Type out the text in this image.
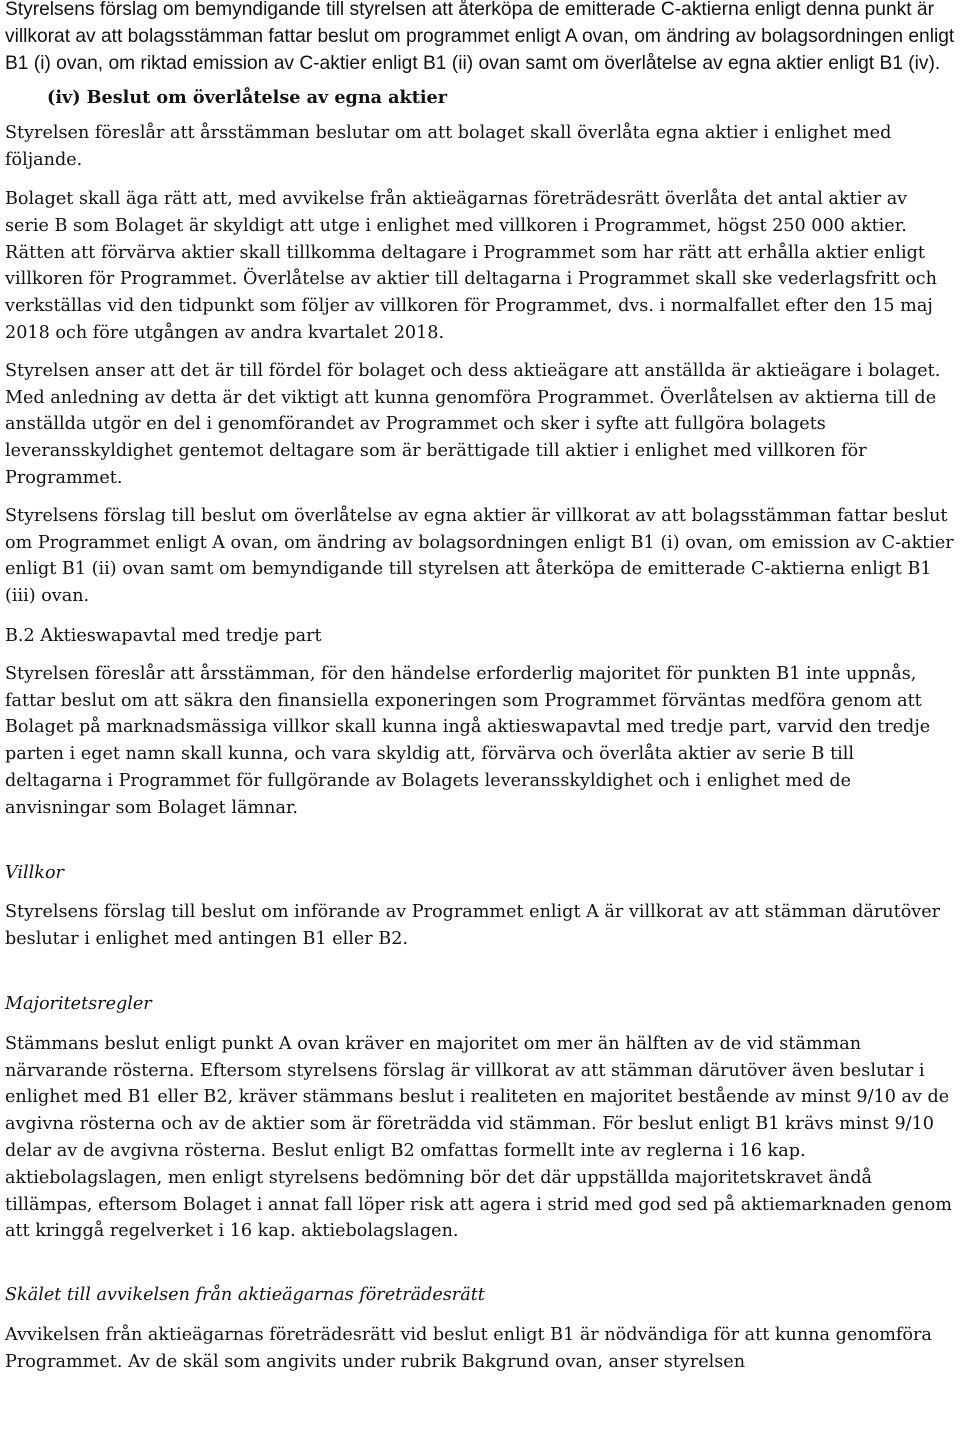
Styrelsens förslag om bemyndigande till styrelsen att återköpa de emitterade C-aktierna enligt denna punkt är villkorat av att bolagsstämman fattar beslut om programmet enligt A ovan, om ändring av bolagsordningen enligt B1 (i) ovan, om riktad emission av C-aktier enligt B1 (ii) ovan samt om överlåtelse av egna aktier enligt B1 (iv).

(iv) Beslut om överlåtelse av egna aktier

Styrelsen föreslår att årsstämman beslutar om att bolaget skall överlåta egna aktier i enlighet med följande.

Bolaget skall äga rätt att, med avvikelse från aktieägarnas företrädesrätt överlåta det antal aktier av serie B som Bolaget är skyldigt att utge i enlighet med villkoren i Programmet, högst 250 000 aktier. Rätten att förvärva aktier skall tillkomma deltagare i Programmet som har rätt att erhålla aktier enligt villkoren för Programmet. Överlåtelse av aktier till deltagarna i Programmet skall ske vederlagsfritt och verkställas vid den tidpunkt som följer av villkoren för Programmet, dvs. i normalfallet efter den 15 maj 2018 och före utgången av andra kvartalet 2018.

Styrelsen anser att det är till fördel för bolaget och dess aktieägare att anställda är aktieägare i bolaget. Med anledning av detta är det viktigt att kunna genomföra Programmet. Överlåtelsen av aktierna till de anställda utgör en del i genomförandet av Programmet och sker i syfte att fullgöra bolagets leveransskyldighet gentemot deltagare som är berättigade till aktier i enlighet med villkoren för Programmet.

Styrelsens förslag till beslut om överlåtelse av egna aktier är villkorat av att bolagsstämman fattar beslut om Programmet enligt A ovan, om ändring av bolagsordningen enligt B1 (i) ovan, om emission av C-aktier enligt B1 (ii) ovan samt om bemyndigande till styrelsen att återköpa de emitterade C-aktierna enligt B1 (iii) ovan.

B.2 Aktieswapavtal med tredje part

Styrelsen föreslår att årsstämman, för den händelse erforderlig majoritet för punkten B1 inte uppnås, fattar beslut om att säkra den finansiella exponeringen som Programmet förväntas medföra genom att Bolaget på marknadsmässiga villkor skall kunna ingå aktieswapavtal med tredje part, varvid den tredje parten i eget namn skall kunna, och vara skyldig att, förvärva och överlåta aktier av serie B till deltagarna i Programmet för fullgörande av Bolagets leveransskyldighet och i enlighet med de anvisningar som Bolaget lämnar.

Villkor

Styrelsens förslag till beslut om införande av Programmet enligt A är villkorat av att stämman därutöver beslutar i enlighet med antingen B1 eller B2.

Majoritetsregler

Stämmans beslut enligt punkt A ovan kräver en majoritet om mer än hälften av de vid stämman närvarande rösterna. Eftersom styrelsens förslag är villkorat av att stämman därutöver även beslutar i enlighet med B1 eller B2, kräver stämmans beslut i realiteten en majoritet bestående av minst 9/10 av de avgivna rösterna och av de aktier som är företrädda vid stämman. För beslut enligt B1 krävs minst 9/10 delar av de avgivna rösterna. Beslut enligt B2 omfattas formellt inte av reglerna i 16 kap. aktiebolagslagen, men enligt styrelsens bedömning bör det där uppställda majoritetskravet ändå tillämpas, eftersom Bolaget i annat fall löper risk att agera i strid med god sed på aktiemarknaden genom att kringgå regelverket i 16 kap. aktiebolagslagen.

Skälet till avvikelsen från aktieägarnas företrädesrätt

Avvikelsen från aktieägarnas företrädesrätt vid beslut enligt B1 är nödvändiga för att kunna genomföra Programmet. Av de skäl som angivits under rubrik Bakgrund ovan, anser styrelsen
